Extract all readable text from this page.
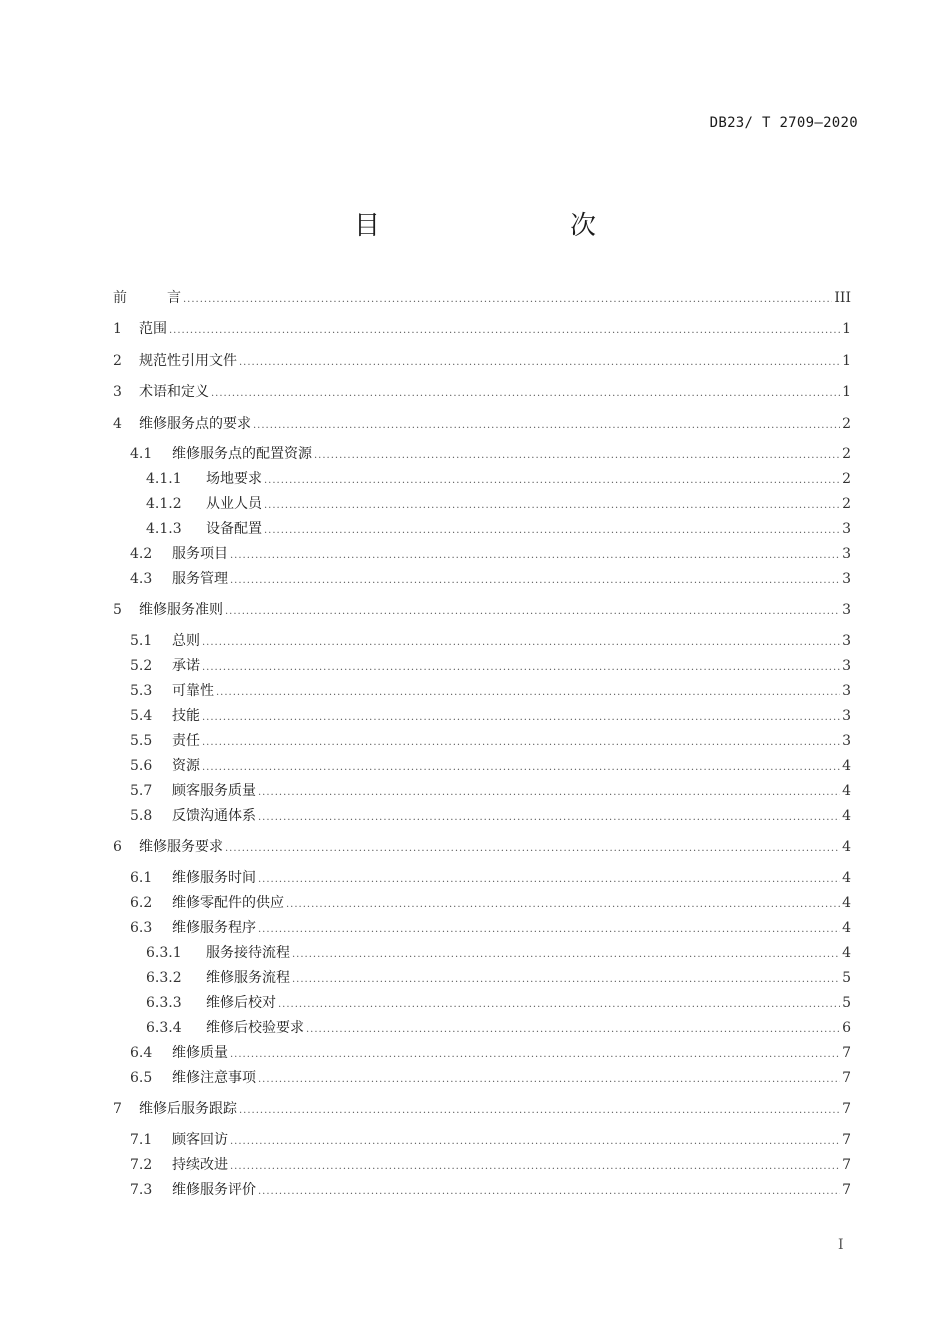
DB23/ T 2709—2020
目　　次
前 　　言 .....	III
1	范围 .....	1
2	规范性引用文件 .....	1
3	术语和定义 .....	1
4	维修服务点的要求 .....	2
4.1	维修服务点的配置资源 .....	2
4.1.1	场地要求 .....	2
4.1.2	从业人员 .....	2
4.1.3	设备配置 .....	3
4.2	服务项目 .....	3
4.3	服务管理 .....	3
5	维修服务准则 .....	3
5.1	总则 .....	3
5.2	承诺 .....	3
5.3	可靠性 .....	3
5.4	技能 .....	3
5.5	责任 .....	3
5.6	资源 .....	4
5.7	顾客服务质量 .....	4
5.8	反馈沟通体系 .....	4
6	维修服务要求 .....	4
6.1	维修服务时间 .....	4
6.2	维修零配件的供应 .....	4
6.3	维修服务程序 .....	4
6.3.1	服务接待流程 .....	4
6.3.2	维修服务流程 .....	5
6.3.3	维修后校对 .....	5
6.3.4	维修后校验要求 .....	6
6.4	维修质量 .....	7
6.5	维修注意事项 .....	7
7	维修后服务跟踪 .....	7
7.1	顾客回访 .....	7
7.2	持续改进 .....	7
7.3	维修服务评价 .....	7
I
